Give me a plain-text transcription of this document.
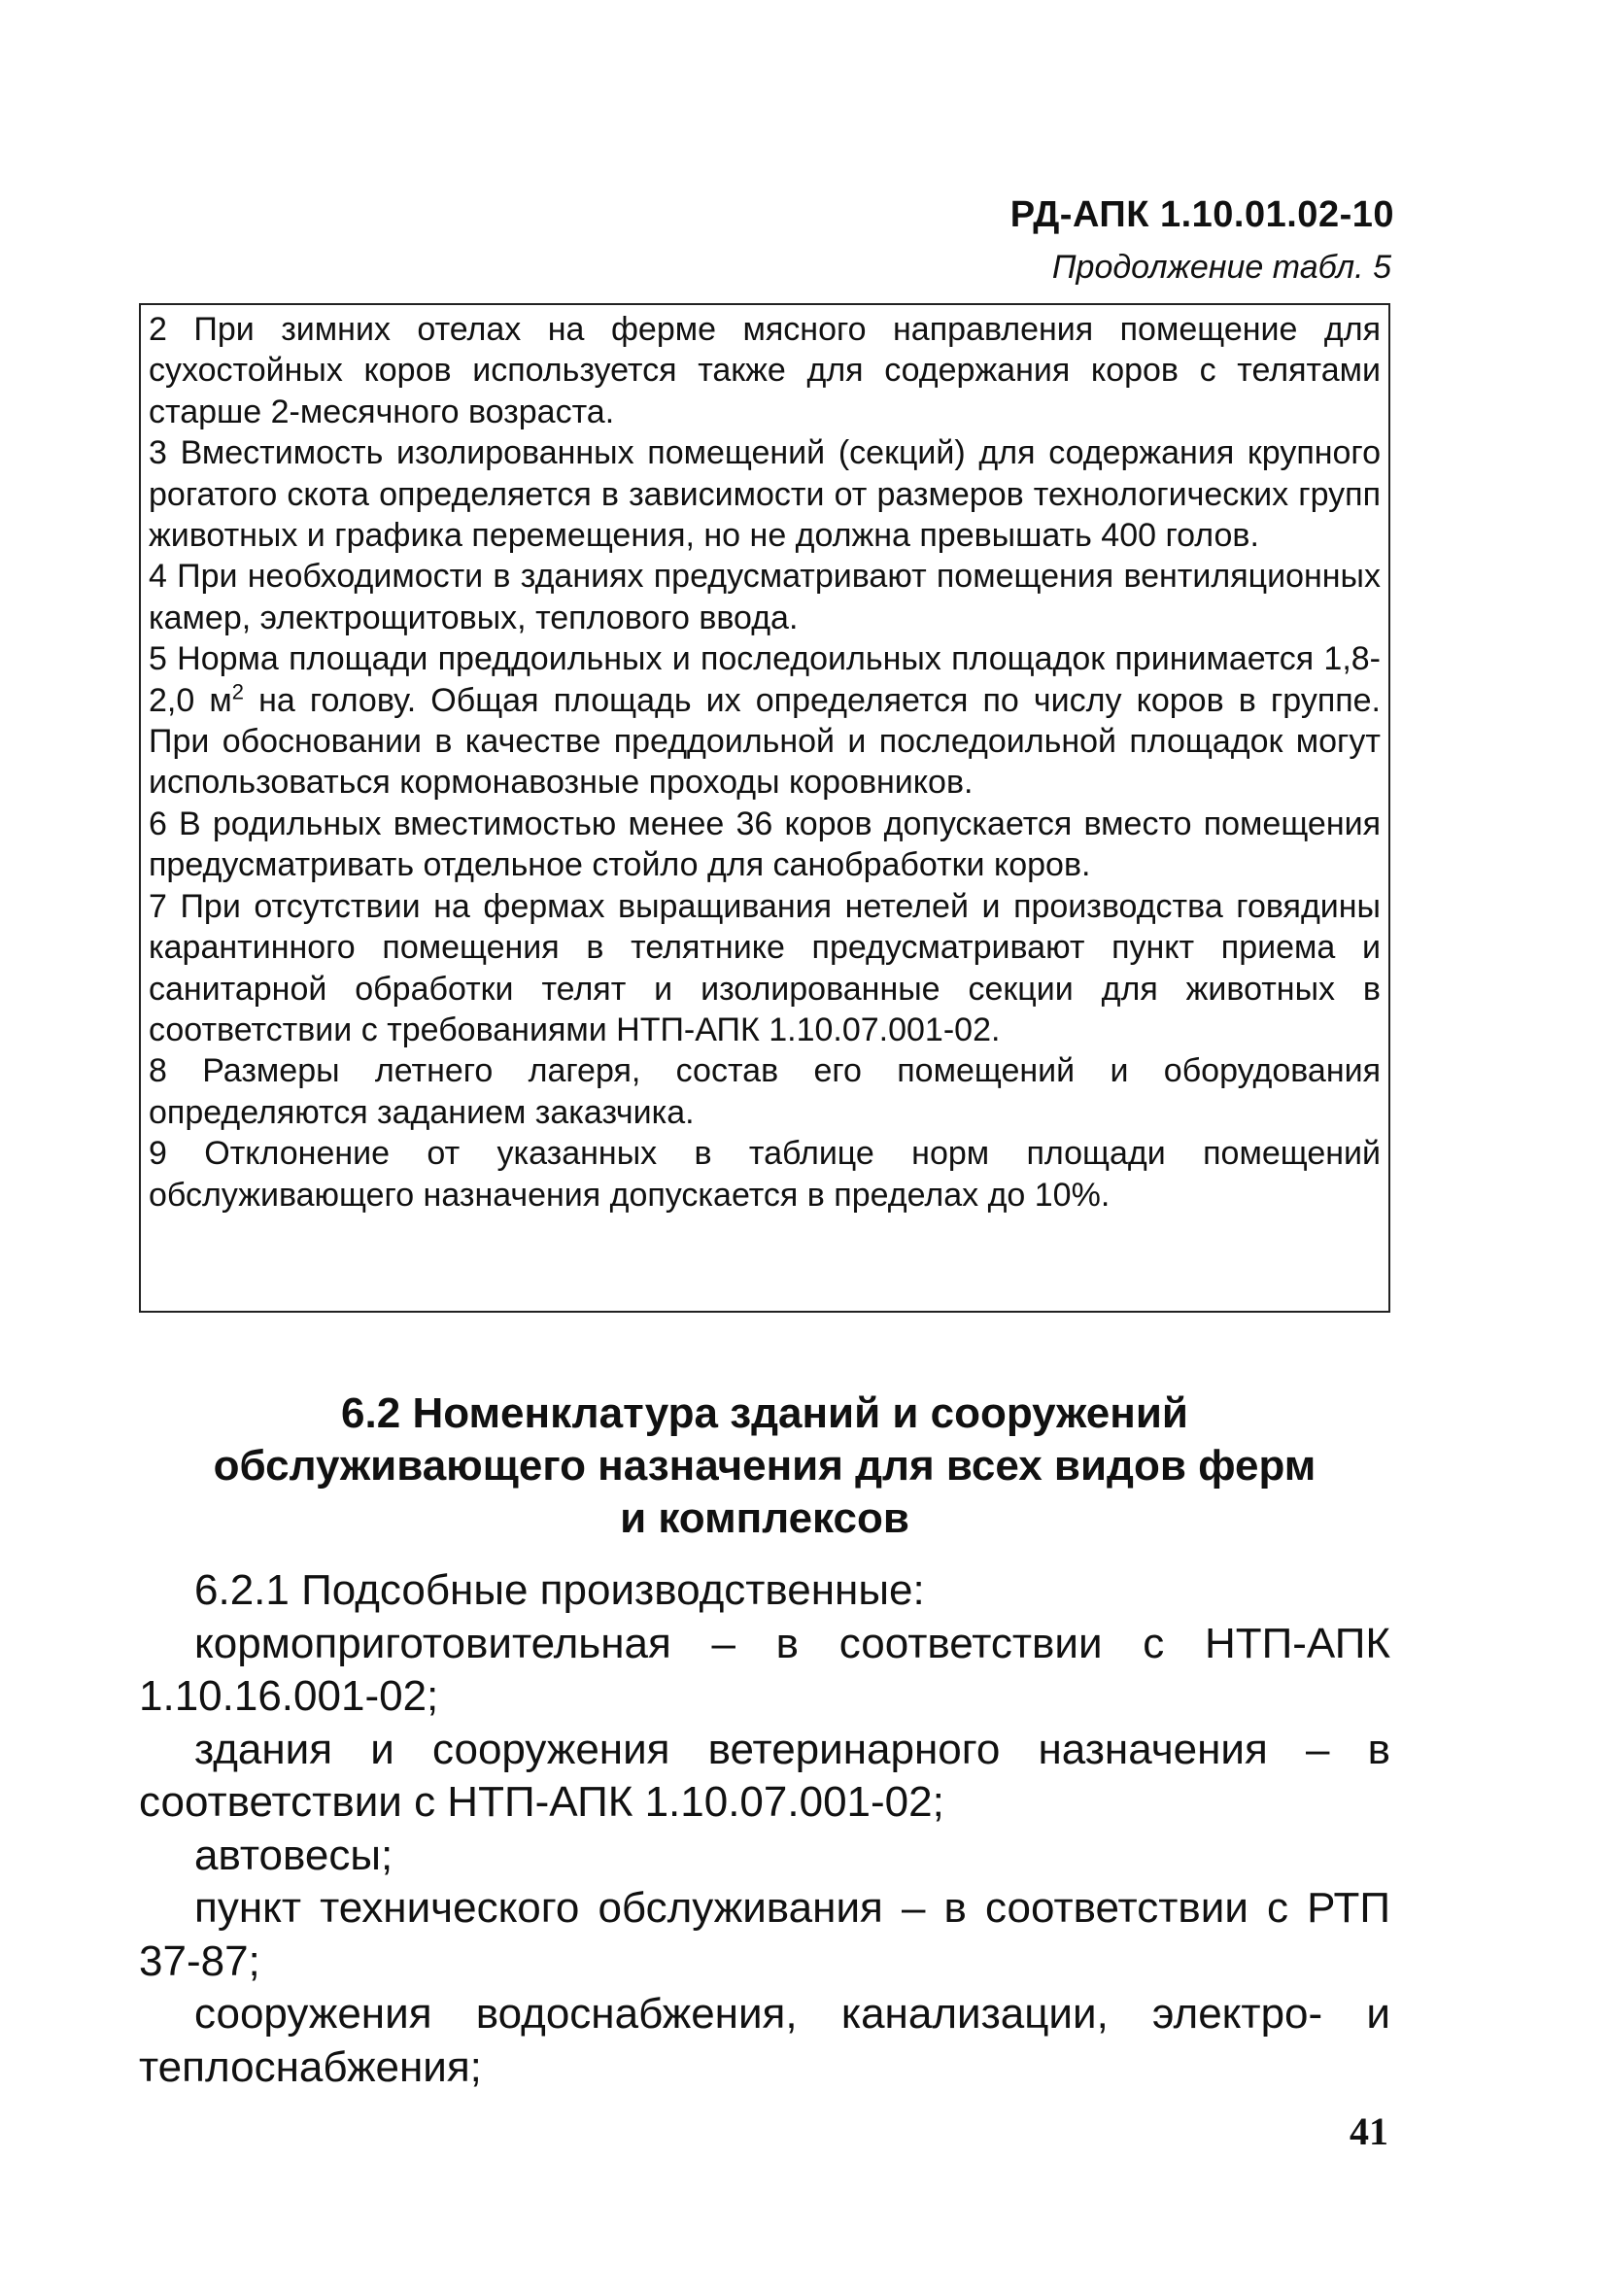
РД-АПК 1.10.01.02-10
Продолжение табл. 5

2 При зимних отелах на ферме мясного направления помещение для сухостойных коров используется также для содержания коров с телятами старше 2-месячного возраста.

3 Вместимость изолированных помещений (секций) для содержания крупного рогатого скота определяется в зависимости от размеров технологических групп животных и графика перемещения, но не должна превышать 400 голов.

4 При необходимости в зданиях предусматривают помещения вентиляционных камер, электрощитовых, теплового ввода.

5 Норма площади преддоильных и последоильных площадок принимается 1,8-2,0 $м^2$ на голову. Общая площадь их определяется по числу коров в группе. При обосновании в качестве преддоильной и последоильной площадок могут использоваться кормонавозные проходы коровников.

6 В родильных вместимостью менее 36 коров допускается вместо помещения предусматривать отдельное стойло для санобработки коров.

7 При отсутствии на фермах выращивания нетелей и производства говядины карантинного помещения в телятнике предусматривают пункт приема и санитарной обработки телят и изолированные секции для животных в соответствии с требованиями НТП-АПК 1.10.07.001-02.

8 Размеры летнего лагеря, состав его помещений и оборудования определяются заданием заказчика.

9 Отклонение от указанных в таблице норм площади помещений обслуживающего назначения допускается в пределах до 10%.

6.2 Номенклатура зданий и сооружений
обслуживающего назначения для всех видов ферм
и комплексов

6.2.1 Подсобные производственные:

кормоприготовительная – в соответствии с НТП-АПК 1.10.16.001-02;

здания и сооружения ветеринарного назначения – в соответствии с НТП-АПК 1.10.07.001-02;

автовесы;

пункт технического обслуживания – в соответствии с РТП 37-87;

сооружения водоснабжения, канализации, электро- и теплоснабжения;

41
